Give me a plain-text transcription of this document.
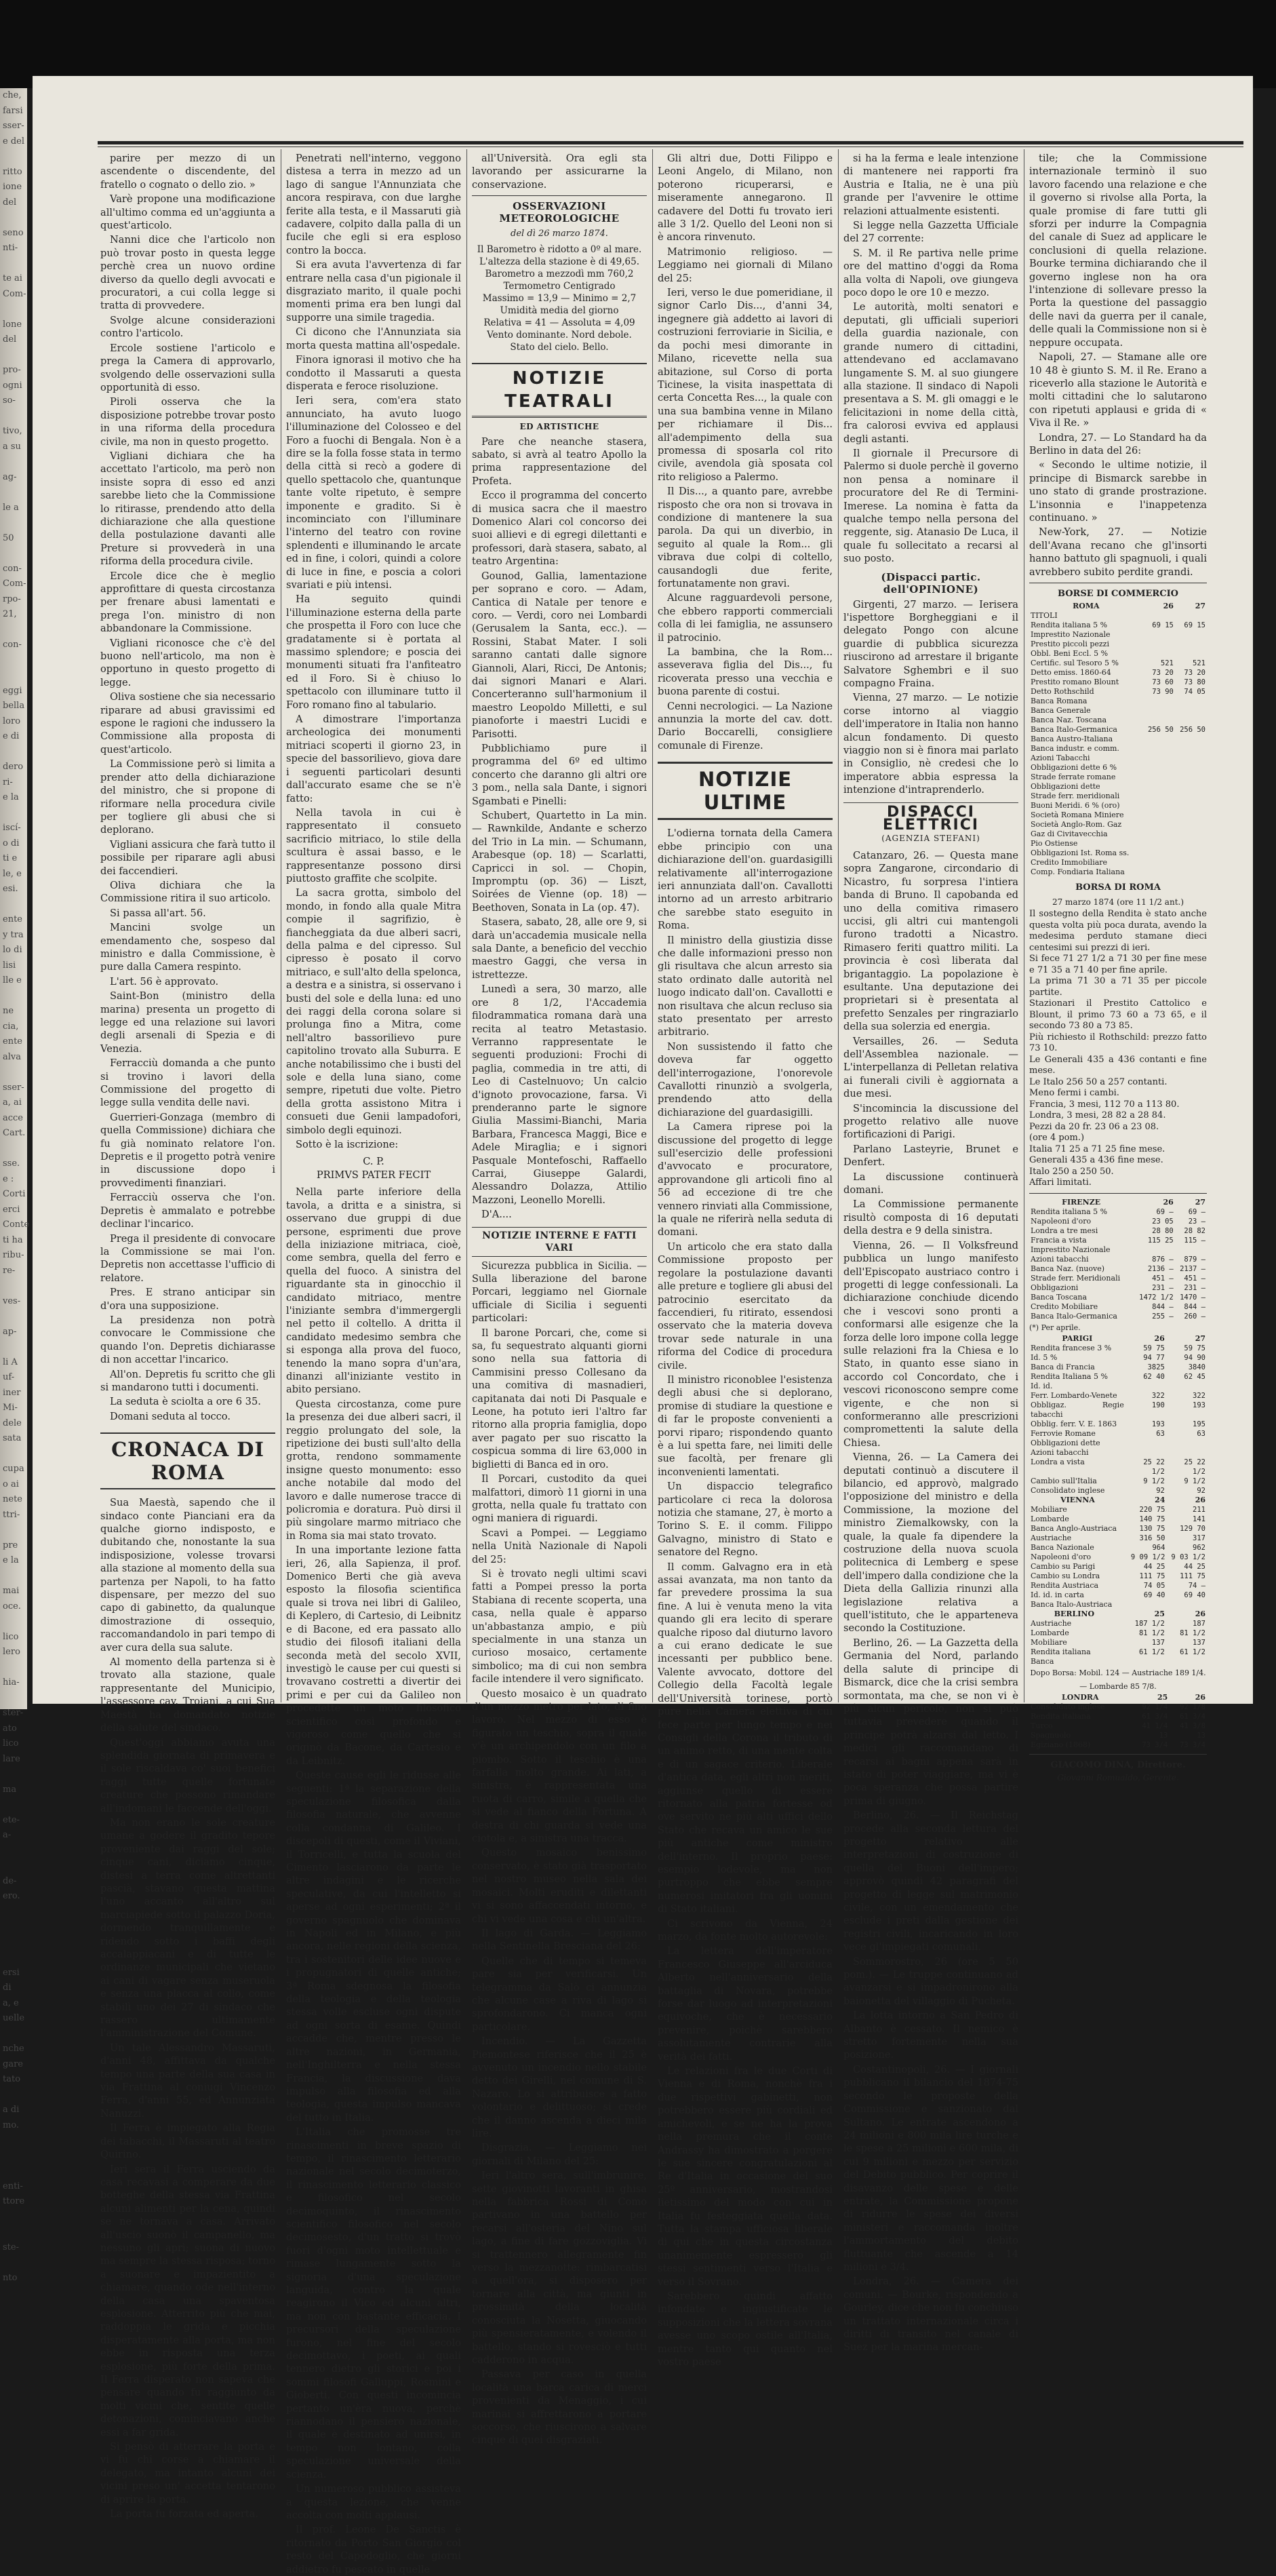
che,
farsi
sser-
e del

ritto
ione
del

seno
nti-

te ai
Com-

lone
del

pro-
ogni
so-

tivo,
a su

ag-

le a

50

con-
Com-
rpo-
21,

con-

eggi
bella
loro
e di

dero
ri-
e la

iscí-
o di
ti e
le, e
esi.

ente
y tra
lo di
lisi
lle e

ne
cia,
ente
alva

sser-
a, ai
acce
Cart.

sse.
e :
Corti
erci
Conte
ti ha
ribu-
re-

ves-

ap-

li A
uf-
iner
Mi-
dele
sata

cupa
o ai
nete
ttri-

pre
e la

mai
oce.

lico
lero

hia-

ster-
ato
lico
lare

ma

ete-
a-

de-
ero.

ersi
di
a, e
uelle

nche
gare
tato

a di
mo.

enti-
ttore

ste-

nto
parire per mezzo di un ascendente o discendente, del fratello o cognato o dello zio. »
Varè propone una modificazione all'ultimo comma ed un'aggiunta a quest'articolo.
Nanni dice che l'articolo non può trovar posto in questa legge perchè crea un nuovo ordine diverso da quello degli avvocati e procuratori, a cui colla legge si tratta di provvedere.
Svolge alcune considerazioni contro l'articolo.
Ercole sostiene l'articolo e prega la Camera di approvarlo, svolgendo delle osservazioni sulla opportunità di esso.
Piroli osserva che la disposizione potrebbe trovar posto in una riforma della procedura civile, ma non in questo progetto.
Vigliani dichiara che ha accettato l'articolo, ma però non insiste sopra di esso ed anzi sarebbe lieto che la Commissione lo ritirasse, prendendo atto della dichiarazione che alla questione della postulazione davanti alle Preture si provvederà in una riforma della procedura civile.
Ercole dice che è meglio approfittare di questa circostanza per frenare abusi lamentati e prega l'on. ministro di non abbandonare la Commissione.
Vigliani riconosce che c'è del buono nell'articolo, ma non è opportuno in questo progetto di legge.
Oliva sostiene che sia necessario riparare ad abusi gravissimi ed espone le ragioni che indussero la Commissione alla proposta di quest'articolo.
La Commissione però si limita a prender atto della dichiarazione del ministro, che si propone di riformare nella procedura civile per togliere gli abusi che si deplorano.
Vigliani assicura che farà tutto il possibile per riparare agli abusi dei faccendieri.
Oliva dichiara che la Commissione ritira il suo articolo.
Si passa all'art. 56.
Mancini svolge un emendamento che, sospeso dal ministro e dalla Commissione, è pure dalla Camera respinto.
L'art. 56 è approvato.
Saint-Bon (ministro della marina) presenta un progetto di legge ed una relazione sui lavori degli arsenali di Spezia e di Venezia.
Ferracciù domanda a che punto si trovino i lavori della Commissione del progetto di legge sulla vendita delle navi.
Guerrieri-Gonzaga (membro di quella Commissione) dichiara che fu già nominato relatore l'on. Depretis e il progetto potrà venire in discussione dopo i provvedimenti finanziari.
Ferracciù osserva che l'on. Depretis è ammalato e potrebbe declinar l'incarico.
Prega il presidente di convocare la Commissione se mai l'on. Depretis non accettasse l'ufficio di relatore.
Pres. E strano anticipar sin d'ora una supposizione.
La presidenza non potrà convocare le Commissione che quando l'on. Depretis dichiarasse di non accettar l'incarico.
All'on. Depretis fu scritto che gli si mandarono tutti i documenti.
La seduta è sciolta a ore 6 35.
Domani seduta al tocco.
CRONACA DI ROMA
Sua Maestà, sapendo che il sindaco conte Pianciani era da qualche giorno indisposto, e dubitando che, nonostante la sua indisposizione, volesse trovarsi alla stazione al momento della sua partenza per Napoli, to ha fatto dispensare, per mezzo del suo capo di gabinetto, da qualunque dimostrazione di ossequio, raccomandandolo in pari tempo di aver cura della sua salute.
Al momento della partenza si è trovato alla stazione, quale rappresentante del Municipio, l'assessore cav. Troiani, a cui Sua Maestà ha domandato notizie della salute del sindaco.
Quest'oggi abbiamo avuta una splendida giornata di primavera e il sole riscaldava co' suoi benefici raggi tutte quelle fortunate creature che possono rimandare all'indomani le faccende dell'oggi.
Ma non erano le sole creature umane a godere il gradito tepore proveniente dai raggi del sole; cinque cani, diciamo cinque, distesi a terra come altrettanti pascià, stavano questa mattina l'uno accanto all'altro sul marciapiede sotto il palazzo Doria, dormendo tranquillamente e ridendo sotto i baffi degli accalappiacani e di tutte le ordinanze municipali che vietano ai cani di vagare senza museruola e senza una placca al collo, come stabilì uno dei 27 di sindaco che rassero ultimamente l'amministrazione del Comune.
Un tale Alessandro Massaruti, d'anni 48, affittava da qualche tempo una parte della sua casa in via Frattina al coniugi Vincenzo Ferra, d'anni 55, ed Annunziata Nanuzzi.
Il Ferra è impiegato alla Regia dei tabacchi, il Massaruti al teatro Quirino.
Ieri sera il Ferra usciendo da casa recavasi a comperare da due botteghe della stessa via Frattina alcuni alimenti per la cena, quindi se ne tornava a casa. Arrivato all'uscio suonò il campanello, ma nessuno gli aprì; suona di nuovo ma sempre la stessa risposa; torno a suonare e impazientito a chiamare, quando ode nell'interno della casa una spaventosa esplosione. Atterrito più che mai, raddoppia le grida e picchia disperatamente alla porta, ma non ebbe in risposta una terza esplosione, più forte della prima. Il Ferra disperato non sapeva che pensare quando fu raggiunto da molti vicini che, sentite quelle detonazioni, cominciavano anche essi a far grida.
Si pensò di atterrare la porta e vi fu chi corse a chiamare il delegato, ma intanto alcuni dei vicini preso un' accetta tentarono di aprire la porta.
La porta fu forzata ed aperta.
Penetrati nell'interno, veggono distesa a terra in mezzo ad un lago di sangue l'Annunziata che ancora respirava, con due larghe ferite alla testa, e il Massaruti già cadavere, colpito dalla palla di un fucile che egli si era esploso contro la bocca.
Si era avuta l'avvertenza di far entrare nella casa d'un pigionale il disgraziato marito, il quale pochi momenti prima era ben lungi dal supporre una simile tragedia.
Ci dicono che l'Annunziata sia morta questa mattina all'ospedale.
Finora ignorasi il motivo che ha condotto il Massaruti a questa disperata e feroce risoluzione.
Ieri sera, com'era stato annunciato, ha avuto luogo l'illuminazione del Colosseo e del Foro a fuochi di Bengala. Non è a dire se la folla fosse stata in termo della città si recò a godere di quello spettacolo che, quantunque tante volte ripetuto, è sempre imponente e gradito. Si è incominciato con l'illuminare l'interno del teatro con rovine splendenti e illuminando le arcate ed in fine, i colori, quindi a colore di luce in fine, e poscia a colori svariati e più intensi.
Ha seguito quindi l'illuminazione esterna della parte che prospetta il Foro con luce che gradatamente si è portata al massimo splendore; e poscia dei monumenti situati fra l'anfiteatro ed il Foro. Si è chiuso lo spettacolo con illuminare tutto il Foro romano fino al tabulario.
A dimostrare l'importanza archeologica dei monumenti mitriaci scoperti il giorno 23, in specie del bassorilievo, giova dare i seguenti particolari desunti dall'accurato esame che se n'è fatto:
Nella tavola in cui è rappresentato il consueto sacrificio mitriaco, lo stile della scultura è assai basso, e le rappresentanze possono dirsi piuttosto graffite che scolpite.
La sacra grotta, simbolo del mondo, in fondo alla quale Mitra compie il sagrifizio, è fiancheggiata da due alberi sacri, della palma e del cipresso. Sul cipresso è posato il corvo mitriaco, e sull'alto della spelonca, a destra e a sinistra, si osservano i busti del sole e della luna: ed uno dei raggi della corona solare si prolunga fino a Mitra, come nell'altro bassorilievo pure capitolino trovato alla Suburra. E anche notabilissimo che i busti del sole e della luna siano, come sempre, ripetuti due volte. Pietro della grotta assistono Mitra i consueti due Genii lampadofori, simbolo degli equinozi.
Sotto è la iscrizione:
C. P.
PRIMVS PATER FECIT
Nella parte inferiore della tavola, a dritta e a sinistra, si osservano due gruppi di due persone, esprimenti due prove della iniziazione mitriaca, cioè, come sembra, quella del ferro e quella del fuoco. A sinistra del riguardante sta in ginocchio il candidato mitriaco, mentre l'iniziante sembra d'immergergli nel petto il coltello. A dritta il candidato medesimo sembra che si esponga alla prova del fuoco, tenendo la mano sopra d'un'ara, dinanzi all'iniziante vestito in abito persiano.
Questa circostanza, come pure la presenza dei due alberi sacri, il reggio prolungato del sole, la ripetizione dei busti sull'alto della grotta, rendono sommamente insigne questo monumento: esso anche notabile dal modo del lavoro e dalle numerose tracce di policromia e doratura. Può dirsi il più singolare marmo mitriaco che in Roma sia mai stato trovato.
In una importante lezione fatta ieri, 26, alla Sapienza, il prof. Domenico Berti che già aveva esposto la filosofia scientifica quale si trova nei libri di Galileo, di Keplero, di Cartesio, di Leibnitz e di Bacone, ed era passato allo studio dei filosofi italiani della seconda metà del secolo XVII, investigò le cause per cui questi si trovavano costretti a divertir dei primi e per cui da Galileo non procedette un moto filosofico scientifico così profondo e vigoroso come quello che si originò da Bacone, da Cartesio e da Leibnitz.
Queste cause egli le ridusse alle seguenti: 1ª la separazione della speculazione filosofica dalla filosofia naturale, che avvenne colla condanna di Galileo. I discepoli di questi, come il Viviani, il Torricelli, e tutta la scuola del Cimento lasciarono da parte le altre indagini e le ricerche speculative, da cui l'intelletto si aperse ad ogni esperimenti; 2ª il governo spagnuolo che dominava in Napoli ed in Milano, e più ancora, nelle regioni della scienza, tra i sostenitori delle idee nuove e i propugnatori di quelle antiche; 3ª Roma sdegnosa la filosofia della teologia e della teologia stessa volle escluse ogni dispute ad ogni sorta di esame. Quindi accadde che, mentre presso le altre nazioni, in Germania, nell'Inghilterra e nella stessa Francia, la discussione dava impulso alla filosofia ed alla teologia, questa impulso mancava del tutto in Italia.
L'Italia che promosse tre rinascimenti in breve spazio di tempo, il rinascimento letterario nazionale nel secolo decimoterzo, il rinascimento letterario classico e filosofico nel secolo decimoquinto, il rinascimento scientifico filosofico nel secolo decimosesto, d'un tratto si trovò fuori d'ogni moto intellettuale e rimase lungamente sotto la signoria d'una speculazione languida, contro la quale reagirono il Vico ed alcuni altri, ma non con bastante efficacia. I precursori della speculazione furono, nel fine del secolo decimottavo, i poeti, ai quali tennero dietro gli storici e poi i sommi filosofi Galluppi, Rosmini e Gioberti. Con questi incomincia pertanto un'èra nuova, perchè riannodano il pensiero nazionale, il quale è destinato ad unirsi, in tempo non lontano, colla speculazione universale della scienza.
Un numeroso pubblico assisteva a questa lezione, che venne accolta con molti applausi.
Il prof. Leone De Sanctis è ritornato da Porto San Giorgio col resto del Capodoglio, che giorni addietro fu pescato in quelle
all'Università. Ora egli sta lavorando per assicurarne la conservazione.
OSSERVAZIONI METEOROLOGICHE
del dì 26 marzo 1874.
Il Barometro è ridotto a 0º al mare. L'altezza della stazione è di 49,65.
Barometro a mezzodì mm 760,2
Termometro Centigrado
Massimo = 13,9 — Minimo = 2,7
Umidità media del giorno
Relativa = 41 — Assoluta = 4,09
Vento dominante. Nord debole.
Stato del cielo. Bello.
NOTIZIE TEATRALI
ED ARTISTICHE
Pare che neanche stasera, sabato, si avrà al teatro Apollo la prima rappresentazione del Profeta.
Ecco il programma del concerto di musica sacra che il maestro Domenico Alari col concorso dei suoi allievi e di egregi dilettanti e professori, darà stasera, sabato, al teatro Argentina:
Gounod, Gallia, lamentazione per soprano e coro. — Adam, Cantica di Natale per tenore e coro. — Verdi, coro nei Lombardi (Gerusalem la Santa, ecc.). — Rossini, Stabat Mater. I soli saranno cantati dalle signore Giannoli, Alari, Ricci, De Antonis; dai signori Manari e Alari. Concerteranno sull'harmonium il maestro Leopoldo Milletti, e sul pianoforte i maestri Lucidi e Parisotti.
Pubblichiamo pure il programma del 6º ed ultimo concerto che daranno gli altri ore 3 pom., nella sala Dante, i signori Sgambati e Pinelli:
Schubert, Quartetto in La min. — Rawnkilde, Andante e scherzo del Trio in La min. — Schumann, Arabesque (op. 18) — Scarlatti, Capricci in sol. — Chopin, Impromptu (op. 36) — Liszt, Soirées de Vienne (op. 18) — Beethoven, Sonata in La (op. 47).
Stasera, sabato, 28, alle ore 9, si darà un'accademia musicale nella sala Dante, a beneficio del vecchio maestro Gaggi, che versa in istrettezze.
Lunedì a sera, 30 marzo, alle ore 8 1/2, l'Accademia filodrammatica romana darà una recita al teatro Metastasio. Verranno rappresentate le seguenti produzioni: Frochi di paglia, commedia in tre atti, di Leo di Castelnuovo; Un calcio d'ignoto provocazione, farsa. Vi prenderanno parte le signore Giulia Massimi-Bianchi, Maria Barbara, Francesca Maggi, Bice e Adele Miraglia; e i signori Pasquale Montefoschi, Raffaello Carrai, Giuseppe Galardi, Alessandro Dolazza, Attilio Mazzoni, Leonello Morelli.
D'A....
NOTIZIE INTERNE E FATTI VARI
Sicurezza pubblica in Sicilia. — Sulla liberazione del barone Porcari, leggiamo nel Giornale ufficiale di Sicilia i seguenti particolari:
Il barone Porcari, che, come si sa, fu sequestrato alquanti giorni sono nella sua fattoria di Cammisini presso Collesano da una comitiva di masnadieri, capitanata dai noti Di Pasquale e Leone, ha potuto ieri l'altro far ritorno alla propria famiglia, dopo aver pagato per suo riscatto la cospicua somma di lire 63,000 in biglietti di Banca ed in oro.
Il Porcari, custodito da quei malfattori, dimorò 11 giorni in una grotta, nella quale fu trattato con ogni maniera di riguardi.
Scavi a Pompei. — Leggiamo nella Unità Nazionale di Napoli del 25:
Si è trovato negli ultimi scavi fatti a Pompei presso la porta Stabiana di recente scoperta, una casa, nella quale è apparso un'abbastanza ampio, e più specialmente in una stanza un curioso mosaico, certamente simbolico; ma di cui non sembra facile intendere il vero significato.
Questo mosaico è un quadrato d'un mezzo metro per lato, di fino lavoro. Nel mezzo di esso è figurato un teschio, sopra il quale v'è un archipendolo con un filo a piombo. Sotto il teschio è una farfalla molto grande. Ai lati, a sinistra, è rappresentata una ruota di carro, simile a quella che si vede al fianco della Fortuna. A destra di chi guarda si vede una ciotola e, a sinistra una tracca.
Questo mosaico benissimo conservato, è stato già trasportato nel nostro museo nella sala dei mosaici. Molti eruditi e dilettanti vi si sono affaccendati intorno, e chi vi vede una cosa e chi un'altra.
Il lago di Garda. — Leggiamo nella Sentinella Bresciana del 26:
Quelle che di tempo si temeva pare sia per verificarsi. Un telegramma da Salò ci annunzia che alcune case a riva di lago si sprofondarono. Ci manca ogni particolare.
Incendio. — La Gazzetta Piemontese riferisce che il 25 è avvenuto un incendio nello stabile detto dei Girelli, nel comune di S. Nazaro. Lo si attribuisce a fatto volontario e delittuoso; si crede che il danno ascenda a dieci mila lire.
Disgrazia. — Leggiamo nei giornali di Milano del 25:
Ieri l'altro sera, sull'imbrunire, sette giovinotti lavoranti in ghisa nella fabbrica Rossi di Como partivano in una battello per recarsi all'osteria del Nino sul lago, a fine di fare gozzoviglia. Vi si trattennero allegramente fin verso la mezzanotte: rimbarcatisi a quell'ora, si disposero per tornare alla città, ma giunti in prossimità della località conosciuta la Nosetta, giuocando più spensieratamente, e volendo il battello, stando si rovesciò e tutti cadderono in acqua.
Passava per caso in quella località una barca carica di merci provenienti da Menaggio, i cui marinai si affrettarono a portare soccorso, che riuscirono a salvare cinque di quei disgraziati.
Gli altri due, Dotti Filippo e Leoni Angelo, di Milano, non poterono ricuperarsi, e miseramente annegarono. Il cadavere del Dotti fu trovato ieri alle 3 1/2. Quello del Leoni non si è ancora rinvenuto.
Matrimonio religioso. — Leggiamo nei giornali di Milano del 25:
Ieri, verso le due pomeridiane, il signor Carlo Dis..., d'anni 34, ingegnere già addetto ai lavori di costruzioni ferroviarie in Sicilia, e da pochi mesi dimorante in Milano, ricevette nella sua abitazione, sul Corso di porta Ticinese, la visita inaspettata di certa Concetta Res..., la quale con una sua bambina venne in Milano per richiamare il Dis... all'adempimento della sua promessa di sposarla col rito civile, avendola già sposata col rito religioso a Palermo.
Il Dis..., a quanto pare, avrebbe risposto che ora non si trovava in condizione di mantenere la sua parola. Da qui un diverbio, in seguito al quale la Rom... gli vibrava due colpi di coltello, causandogli due ferite, fortunatamente non gravi.
Alcune ragguardevoli persone, che ebbero rapporti commerciali colla di lei famiglia, ne assunsero il patrocinio.
La bambina, che la Rom... asseverava figlia del Dis..., fu ricoverata presso una vecchia e buona parente di costui.
Cenni necrologici. — La Nazione annunzia la morte del cav. dott. Dario Boccarelli, consigliere comunale di Firenze.
NOTIZIE ULTIME
L'odierna tornata della Camera ebbe principio con una dichiarazione dell'on. guardasigilli relativamente all'interrogazione ieri annunziata dall'on. Cavallotti intorno ad un arresto arbitrario che sarebbe stato eseguito in Roma.
Il ministro della giustizia disse che dalle informazioni presso non gli risultava che alcun arresto sia stato ordinato dalle autorità nel luogo indicato dall'on. Cavallotti e non risultava che alcun recluso sia stato presentato per arresto arbitrario.
Non sussistendo il fatto che doveva far oggetto dell'interrogazione, l'onorevole Cavallotti rinunziò a svolgerla, prendendo atto della dichiarazione del guardasigilli.
La Camera riprese poi la discussione del progetto di legge sull'esercizio delle professioni d'avvocato e procuratore, approvandone gli articoli fino al 56 ad eccezione di tre che vennero rinviati alla Commissione, la quale ne riferirà nella seduta di domani.
Un articolo che era stato dalla Commissione proposto per regolare la postulazione davanti alle preture e togliere gli abusi del patrocinio esercitato da faccendieri, fu ritirato, essendosi osservato che la materia doveva trovar sede naturale in una riforma del Codice di procedura civile.
Il ministro riconoblee l'esistenza degli abusi che si deplorano, promise di studiare la questione e di far le proposte convenienti a porvi riparo; rispondendo quanto è a lui spetta fare, nei limiti delle sue facoltà, per frenare gli inconvenienti lamentati.
Un dispaccio telegrafico particolare ci reca la dolorosa notizia che stamane, 27, è morto a Torino S. E. il comm. Filippo Galvagno, ministro di Stato e senatore del Regno.
Il comm. Galvagno era in età assai avanzata, ma non tanto da far prevedere prossima la sua fine. A lui è venuta meno la vita quando gli era lecito di sperare qualche riposo dal diuturno lavoro a cui erano dedicate le sue incessanti per pubblico bene. Valente avvocato, dottore del Collegio della Facoltà legale dell'Università torinese, portò pure nella Camera elettiva di cui fece parte per lungo tempo e nei Consigli della Corona il tributo di un animo retto, di una mente colta e di un sagace criterio. Liberale d'antica data, egli altri non meriti, aggiunse quello di essere ritornato alla patria fortesse od ove servito ne più alti uffici dello Stato che recava un amico le sue più antiche come ministro dell'interno. Il proprio paese: esempio lodevole, ma non purtroppo che ebbe sempre numerosi imitatori fra gli uomini di Stato italiani.
Ci scrivono da Vienna, 24 marzo, da fonte molto autorevole:
La lettera dell'imperatore Francesco Giuseppe all'arciduca Alberto nell'anniversario della battaglia di Novara, potrebbe forse dar luogo ad interpretazioni equivoche, che è necessario prevenire, poichè sarebbero assolutamente contrarie alla verità dei fatti.
Le relazioni fra le due Corti di Vienna e di Roma, nonchè fra i due rispettivi gabinetti, non potrebbero essere più cordiali ed amichevoli, e se ne ha la prova nella premura che il conte Andrassy ha dimostrato a porgere le sue sincere congratulazioni al Re d'Italia in occasione del suo 25º anniversario, mostrandosi lietissimo del modo con cui in Italia fu festeggiata quella data. Tutta la stampa ufficiosa liberale di qui che in questa circostanza unanimemente espressero gli stessi sentimenti verso l'Italia e verso il Sovrano.
Sarebbero quindi affatto infondate e ingiustificate le supposizioni che la lettera sovrana avesse uno scopo ostile all'Italia, mentre tanto qui quanto nel vostro paese
si ha la ferma e leale intenzione di mantenere nei rapporti fra Austria e Italia, ne è una più grande per l'avvenire le ottime relazioni attualmente esistenti.
Si legge nella Gazzetta Ufficiale del 27 corrente:
S. M. il Re partiva nelle prime ore del mattino d'oggi da Roma alla volta di Napoli, ove giungeva poco dopo le ore 10 e mezzo.
Le autorità, molti senatori e deputati, gli ufficiali superiori della guardia nazionale, con grande numero di cittadini, attendevano ed acclamavano lungamente S. M. al suo giungere alla stazione. Il sindaco di Napoli presentava a S. M. gli omaggi e le felicitazioni in nome della città, fra calorosi evviva ed applausi degli astanti.
Il giornale il Precursore di Palermo si duole perchè il governo non pensa a nominare il procuratore del Re di Termini-Imerese. La nomina è fatta da qualche tempo nella persona del reggente, sig. Atanasio De Luca, il quale fu sollecitato a recarsi al suo posto.
(Dispacci partic. dell'OPINIONE)
Girgenti, 27 marzo. — Ierisera l'ispettore Borgheggiani e il delegato Pongo con alcune guardie di pubblica sicurezza riuscirono ad arrestare il brigante Salvatore Sghembri e il suo compagno Fraina.
Vienna, 27 marzo. — Le notizie corse intorno al viaggio dell'imperatore in Italia non hanno alcun fondamento. Di questo viaggio non si è finora mai parlato in Consiglio, nè credesi che lo imperatore abbia espressa la intenzione d'intraprenderlo.
DISPACCI ELETTRICI
(AGENZIA STEFANI)
Catanzaro, 26. — Questa mane sopra Zangarone, circondario di Nicastro, fu sorpresa l'intiera banda di Bruno. Il capobanda ed uno della comitiva rimasero uccisi, gli altri cui mantengoli furono tradotti a Nicastro. Rimasero feriti quattro militi. La provincia è così liberata dal brigantaggio. La popolazione è esultante. Una deputazione dei proprietari si è presentata al prefetto Senzales per ringraziarlo della sua solerzia ed energia.
Versailles, 26. — Seduta dell'Assemblea nazionale. — L'interpellanza di Pelletan relativa ai funerali civili è aggiornata a due mesi.
S'incomincia la discussione del progetto relativo alle nuove fortificazioni di Parigi.
Parlano Lasteyrie, Brunet e Denfert.
La discussione continuerà domani.
La Commissione permanente risultò composta di 16 deputati della destra e 9 della sinistra.
Vienna, 26. — Il Volksfreund pubblica un lungo manifesto dell'Episcopato austriaco contro i progetti di legge confessionali. La dichiarazione conchiude dicendo che i vescovi sono pronti a conformarsi alle esigenze che la forza delle loro impone colla legge sulle relazioni fra la Chiesa e lo Stato, in quanto esse siano in accordo col Concordato, che i vescovi riconoscono sempre come vigente, e che non si conformeranno alle prescrizioni compromettenti la salute della Chiesa.
Vienna, 26. — La Camera dei deputati continuò a discutere il bilancio, ed approvò, malgrado l'opposizione del ministro e della Commissione, la mozione del ministro Ziemalkowsky, con la quale, la quale fa dipendere la costruzione della nuova scuola politecnica di Lemberg e spese dell'impero dalla condizione che la Dieta della Gallizia rinunzi alla legislazione relativa a quell'istituto, che le apparteneva secondo la Costituzione.
Berlino, 26. — La Gazzetta della Germania del Nord, parlando della salute di principe di Bismarck, dice che la crisi sembra sormontata, ma che, se non vi è più alcun pericolo, non si può tuttavia prevedere quando il principe potrà alzarsi dal letto. I medici gli raccomandano di recarsi ai bagni appena sarà in istato di poter viaggiare, ma vi è poca speranza che possa partire prima di giugno.
Berlino, 26. — Il Reichstag procede alla seconda lettura del progetto relativo alle interpretazioni di costruzione di quella del Buoni dell'impero; approvò quindi 42 paragrafi del progetto di legge sul matrimonio civile, con un emendamento che esclude i preti dalla gestione dei registri civili, incaricando in loro vece gl'impiegati comunali.
Sommorostro, 26 (ore 5 50 pom.). — Le truppe continuano ad avanzarsi e si impadronirono alla baionetta del villaggio di Pucheta.
La lotta intorno a San Pedro di Albanto è cessato. Il nemico è stretto fortemente nella sua posizione.
Costantinopoli, 26. — I giornali pubblicano il bilancio del 1874-75 secondo le proposte della Commissione e sanzionato dal Sultano. Le entrate ascendono a 24 milioni e 800 mila lire turche e le spese a 25 milioni e 600 mila, di cui 9 milioni e mezzo per servizio del Debito pubblico. Per coprire il disavanzo delle spese e delle entrate, la Commissione propone di ridurre le spese dei diversi ministeri e raccomanda inoltre l'ammortamento del debito fluttuante che ascende a 14 milioni e 3/4.
Londra, 26. — Camera dei comuni. — Bourke, rispondendo a Gourley, dice che non fu conchiuso un trattato internazionale circa i diritti di transito nel canale di Suez per la marina mercan-
tile; che la Commissione internazionale terminò il suo lavoro facendo una relazione e che il governo si rivolse alla Porta, la quale promise di fare tutti gli sforzi per indurre la Compagnia del canale di Suez ad applicare le conclusioni di quella relazione. Bourke termina dichiarando che il governo inglese non ha ora l'intenzione di sollevare presso la Porta la questione del passaggio delle navi da guerra per il canale, delle quali la Commissione non si è neppure occupata.
Napoli, 27. — Stamane alle ore 10 48 è giunto S. M. il Re. Erano a riceverlo alla stazione le Autorità e molti cittadini che lo salutarono con ripetuti applausi e grida di « Viva il Re. »
Londra, 27. — Lo Standard ha da Berlino in data del 26:
« Secondo le ultime notizie, il principe di Bismarck sarebbe in uno stato di grande prostrazione. L'insonnia e l'inappetenza continuano. »
New-York, 27. — Notizie dell'Avana recano che gl'insorti hanno battuto gli spagnuoli, i quali avrebbero subito perdite grandi.
BORSE DI COMMERCIO
ROMA	26	27
TITOLI		
Rendita italiana 5 %	69 15	69 15
Imprestito Nazionale		
Prestito piccoli pezzi		
Obbl. Beni Eccl. 5 %		
Certific. sul Tesoro 5 %	521	521
Detto emiss. 1860-64	73 20	73 20
Prestito romano Blount	73 60	73 80
Detto Rothschild	73 90	74 05
Banca Romana		
Banca Generale		
Banca Naz. Toscana		
Banca Italo-Germanica	256 50	256 50
Banca Austro-Italiana		
Banca industr. e comm.		
Azioni Tabacchi		
Obbligazioni dette 6 %		
Strade ferrate romane		
Obbligazioni dette		
Strade ferr. meridionali		
Buoni Meridi. 6 % (oro)		
Società Romana Miniere		
Società Anglo-Rom. Gaz		
Gaz di Civitavecchia		
Pio Ostiense		
Obbligazioni Ist. Roma ss.		
Credito Immobiliare		
Comp. Fondiaria Italiana		
BORSA DI ROMA
27 marzo 1874 (ore 11 1/2 ant.)
Il sostegno della Rendita è stato anche questa volta più poca durata, avendo la medesima perduto stamane dieci centesimi sui prezzi di ieri.
Si fece 71 27 1/2 a 71 30 per fine mese e 71 35 a 71 40 per fine aprile.
La prima 71 30 a 71 35 per piccole partite.
Stazionari il Prestito Cattolico e Blount, il primo 73 60 a 73 65, e il secondo 73 80 a 73 85.
Più richiesto il Rothschild: prezzo fatto 73 10.
Le Generali 435 a 436 contanti e fine mese.
Le Italo 256 50 a 257 contanti.
Meno fermi i cambi.
Francia, 3 mesi, 112 70 a 113 80.
Londra, 3 mesi, 28 82 a 28 84.
Pezzi da 20 fr. 23 06 a 23 08.
(ore 4 pom.)
Italia 71 25 a 71 25 fine mese.
Generali 435 a 436 fine mese.
Italo 250 a 250 50.
Affari limitati.
FIRENZE	26	27
Rendita italiana 5 %	69 —	69 —
Napoleoni d'oro	23 05	23 —
Londra a tre mesi	28 80	28 82
Francia a vista	115 25	115 —
Imprestito Nazionale		
Azioni tabacchi	876 —	879 —
Banca Naz. (nuove)	2136 —	2137 —
Strade ferr. Meridionali	451 —	451 —
Obbligazioni	231 —	231 —
Banca Toscana	1472 1/2	1470 —
Credito Mobiliare	844 —	844 —
Banca Italo-Germanica	255 —	260 —
(*) Per aprile.
PARIGI	26	27
Rendita francese 3 %	59 75	59 75
Id. 5 %	94 77	94 90
Banca di Francia	3825	3840
Rendita Italiana 5 %	62 40	62 45
Id. id.		
Ferr. Lombardo-Venete	322	322
Obbligaz. Regie tabacchi	190	193
Obblig. ferr. V. E. 1863	193	195
Ferrovie Romane	63	63
Obbligazioni dette		
Azioni tabacchi		
Londra a vista	25 22 1/2	25 22 1/2
Cambio sull'Italia	9 1/2	9 1/2
Consolidato inglese	92	92
VIENNA	24	26
Mobiliare	220 75	211
Lombarde	140 75	141
Banca Anglo-Austriaca	130 75	129 70
Austriache	316 50	317
Banca Nazionale	964	962
Napoleoni d'oro	9 09 1/2	9 03 1/2
Cambio su Parigi	44 25	44 25
Cambio su Londra	111 75	111 75
Rendita Austriaca	74 05	74 —
Id. id. in carta	69 40	69 40
Banca Italo-Austriaca		
BERLINO	25	26
Austriache	187 1/2	187
Lombarde	81 1/2	81 1/2
Mobiliare	137	137
Rendita italiana	61 1/2	61 1/2
Banca		
Dopo Borsa: Mobil. 124 — Austriache 189 1/4. — Lombarde 85 7/8.
LONDRA	25	26
Consolidato inglese	92 1/4	92 1/8
Rendita italiana	61 3/4	61 3/4
Turco	41 1/4	41 3/8
Spagnuolo	13	13
Egiziano (1868)	73 3/4	73 3/4
GIACOMO DINA, Direttore.
Giovanni Romualdo, Gerente.
